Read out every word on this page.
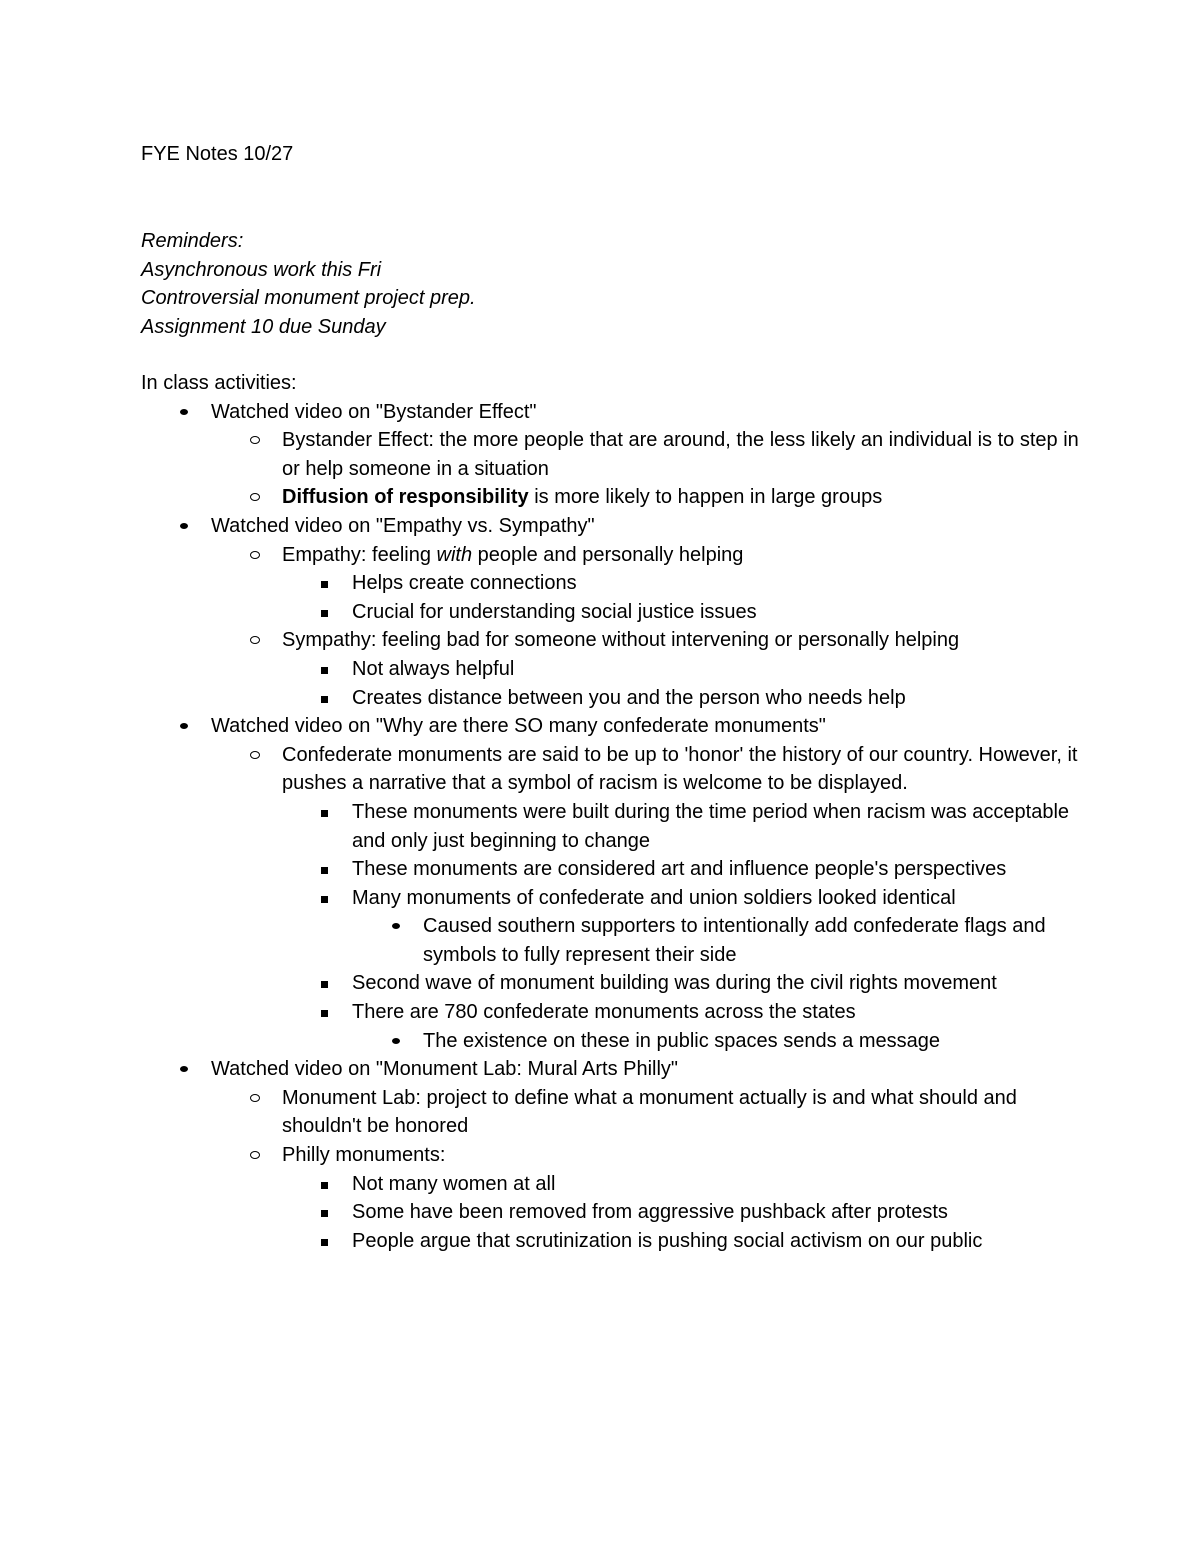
FYE Notes 10/27
Reminders:
Asynchronous work this Fri
Controversial monument project prep.
Assignment 10 due Sunday
In class activities:
Watched video on "Bystander Effect"
Bystander Effect: the more people that are around, the less likely an individual is to step in or help someone in a situation
Diffusion of responsibility is more likely to happen in large groups
Watched video on "Empathy vs. Sympathy"
Empathy: feeling with people and personally helping
Helps create connections
Crucial for understanding social justice issues
Sympathy: feeling bad for someone without intervening or personally helping
Not always helpful
Creates distance between you and the person who needs help
Watched video on "Why are there SO many confederate monuments"
Confederate monuments are said to be up to 'honor' the history of our country. However, it pushes a narrative that a symbol of racism is welcome to be displayed.
These monuments were built during the time period when racism was acceptable and only just beginning to change
These monuments are considered art and influence people's perspectives
Many monuments of confederate and union soldiers looked identical
Caused southern supporters to intentionally add confederate flags and symbols to fully represent their side
Second wave of monument building was during the civil rights movement
There are 780 confederate monuments across the states
The existence on these in public spaces sends a message
Watched video on "Monument Lab: Mural Arts Philly"
Monument Lab: project to define what a monument actually is and what should and shouldn't be honored
Philly monuments:
Not many women at all
Some have been removed from aggressive pushback after protests
People argue that scrutinization is pushing social activism on our public
